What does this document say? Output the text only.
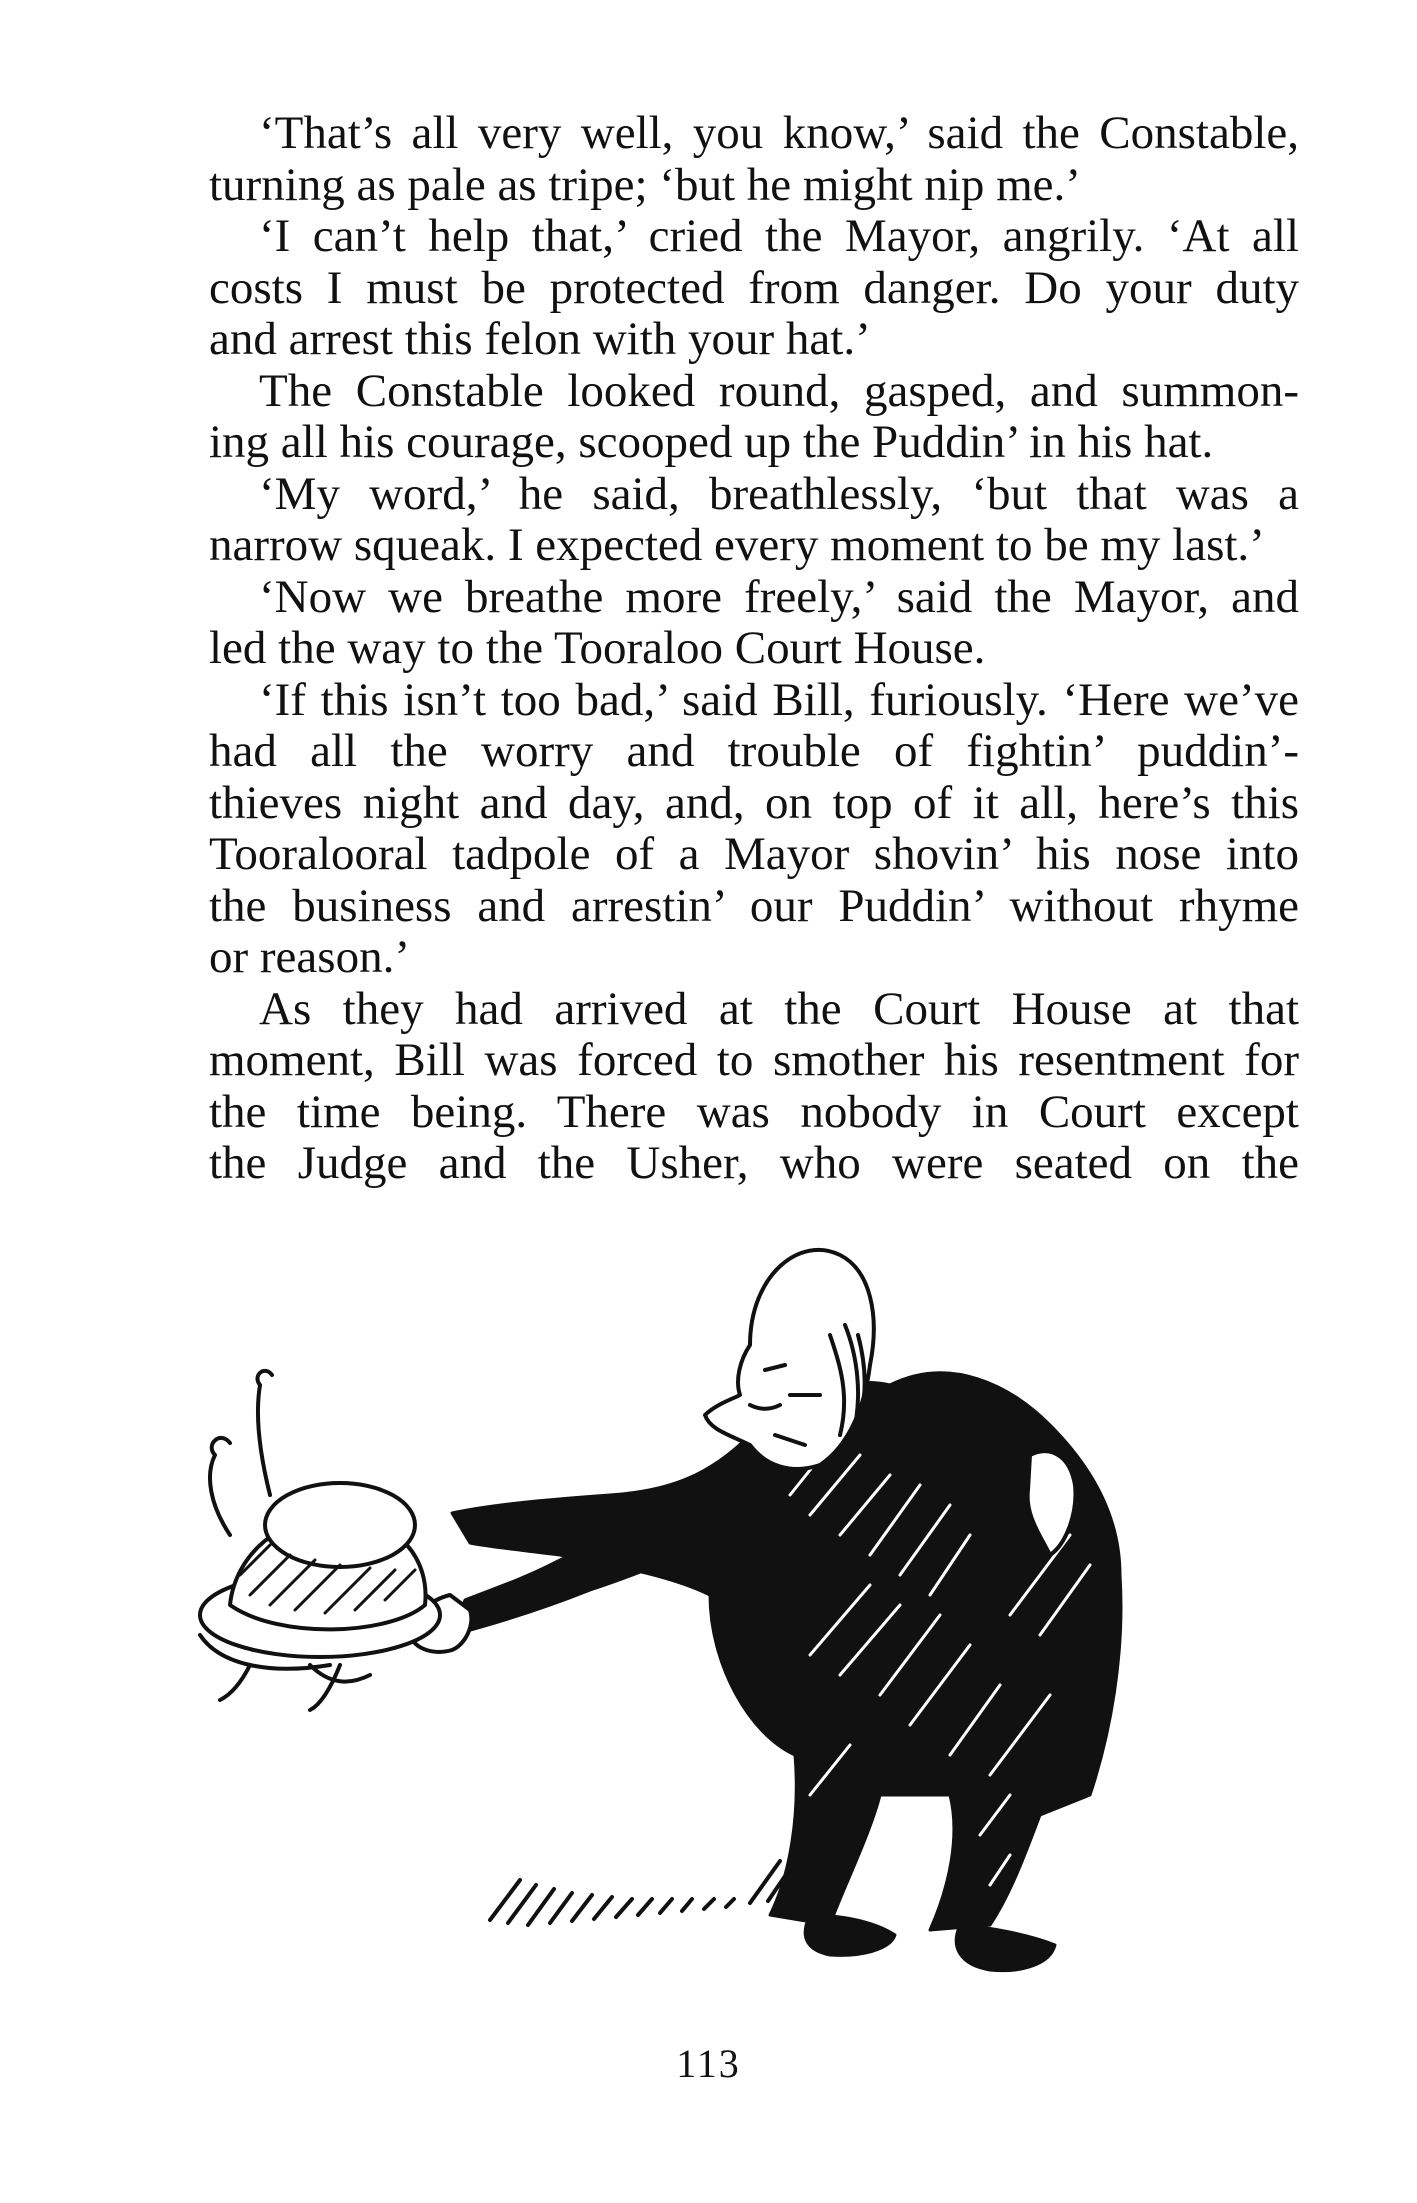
‘That’s all very well, you know,’ said the Constable,
turning as pale as tripe; ‘but he might nip me.’
‘I can’t help that,’ cried the Mayor, angrily. ‘At all
costs I must be protected from danger. Do your duty
and arrest this felon with your hat.’
The Constable looked round, gasped, and summon-
ing all his courage, scooped up the Puddin’ in his hat.
‘My word,’ he said, breathlessly, ‘but that was a
narrow squeak. I expected every moment to be my last.’
‘Now we breathe more freely,’ said the Mayor, and
led the way to the Tooraloo Court House.
‘If this isn’t too bad,’ said Bill, furiously. ‘Here we’ve
had all the worry and trouble of fightin’ puddin’-
thieves night and day, and, on top of it all, here’s this
Tooralooral tadpole of a Mayor shovin’ his nose into
the business and arrestin’ our Puddin’ without rhyme
or reason.’
As they had arrived at the Court House at that
moment, Bill was forced to smother his resentment for
the time being. There was nobody in Court except
the Judge and the Usher, who were seated on the
113
